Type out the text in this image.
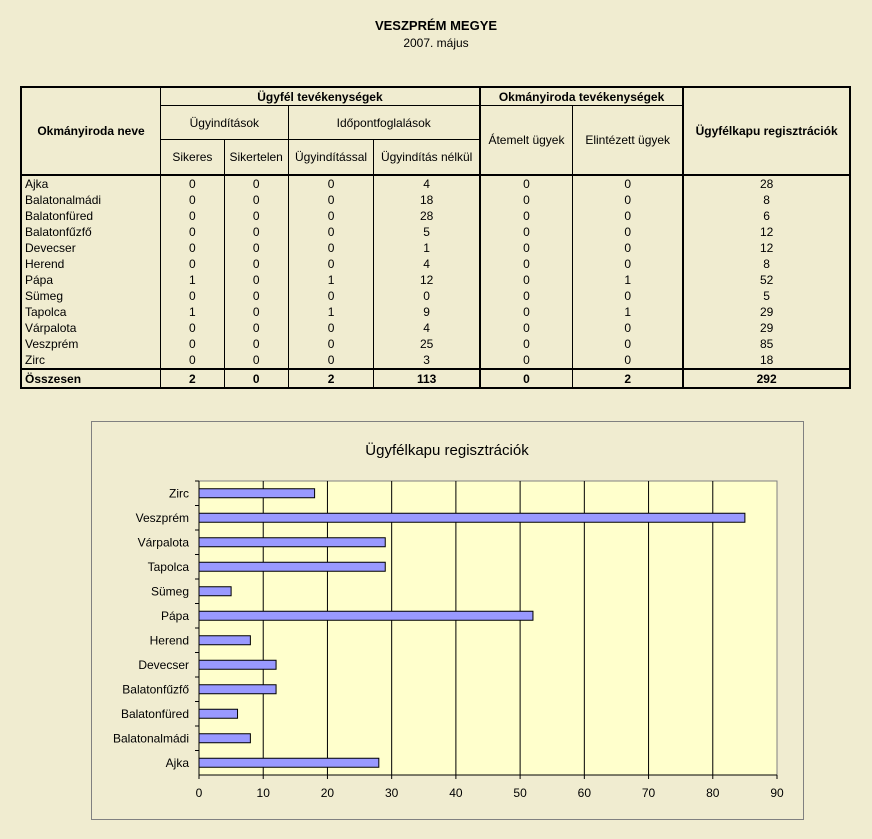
VESZPRÉM MEGYE
2007. május
Okmányiroda neve	Ügyfél tevékenységek				Okmányiroda tevékenységek		Ügyfélkapu regisztrációk
	Ügyindítások		Időpontfoglalások		Átemelt ügyek	Elintézett ügyek	
	Sikeres	Sikertelen	Ügyindítással	Ügyindítás nélkül			
Ajka	0	0	0	4	0	0	28
Balatonalmádi	0	0	0	18	0	0	8
Balatonfüred	0	0	0	28	0	0	6
Balatonfűzfő	0	0	0	5	0	0	12
Devecser	0	0	0	1	0	0	12
Herend	0	0	0	4	0	0	8
Pápa	1	0	1	12	0	1	52
Sümeg	0	0	0	0	0	0	5
Tapolca	1	0	1	9	0	1	29
Várpalota	0	0	0	4	0	0	29
Veszprém	0	0	0	25	0	0	85
Zirc	0	0	0	3	0	0	18
Összesen	2	0	2	113	0	2	292
Ügyfélkapu regisztrációk
0	10	20	30	40	50	60	70	80	90
Zirc
Veszprém
Várpalota
Tapolca
Sümeg
Pápa
Herend
Devecser
Balatonfűzfő
Balatonfüred
Balatonalmádi
Ajka
